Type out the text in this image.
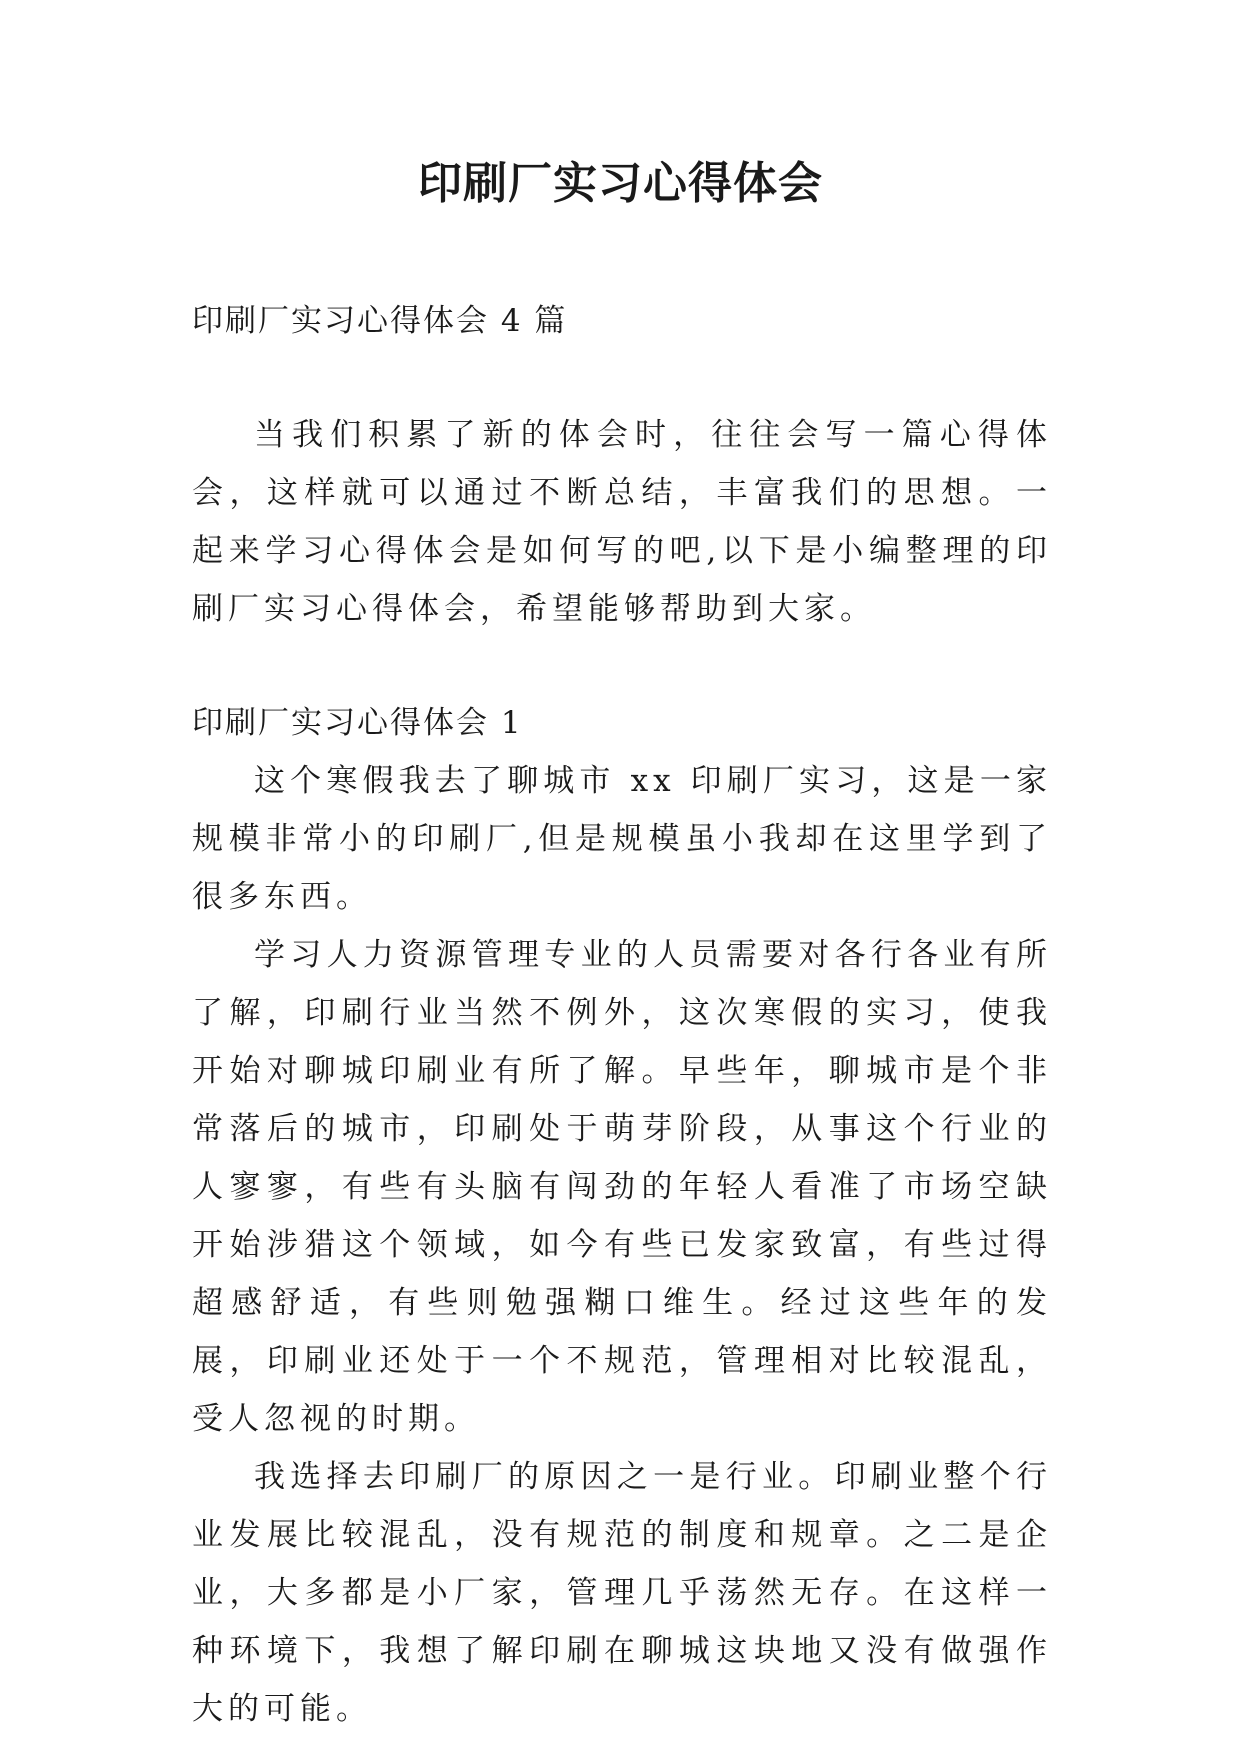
印刷厂实习心得体会

印刷厂实习心得体会 4 篇

当我们积累了新的体会时，往往会写一篇心得体会，这样就可以通过不断总结，丰富我们的思想。一起来学习心得体会是如何写的吧,以下是小编整理的印刷厂实习心得体会，希望能够帮助到大家。

印刷厂实习心得体会 1

这个寒假我去了聊城市 xx 印刷厂实习，这是一家规模非常小的印刷厂,但是规模虽小我却在这里学到了很多东西。

学习人力资源管理专业的人员需要对各行各业有所了解，印刷行业当然不例外，这次寒假的实习，使我开始对聊城印刷业有所了解。早些年，聊城市是个非常落后的城市，印刷处于萌芽阶段，从事这个行业的人寥寥，有些有头脑有闯劲的年轻人看准了市场空缺开始涉猎这个领域，如今有些已发家致富，有些过得超感舒适，有些则勉强糊口维生。经过这些年的发展，印刷业还处于一个不规范，管理相对比较混乱，受人忽视的时期。

我选择去印刷厂的原因之一是行业。印刷业整个行业发展比较混乱，没有规范的制度和规章。之二是企业，大多都是小厂家，管理几乎荡然无存。在这样一种环境下，我想了解印刷在聊城这块地又没有做强作大的可能。
